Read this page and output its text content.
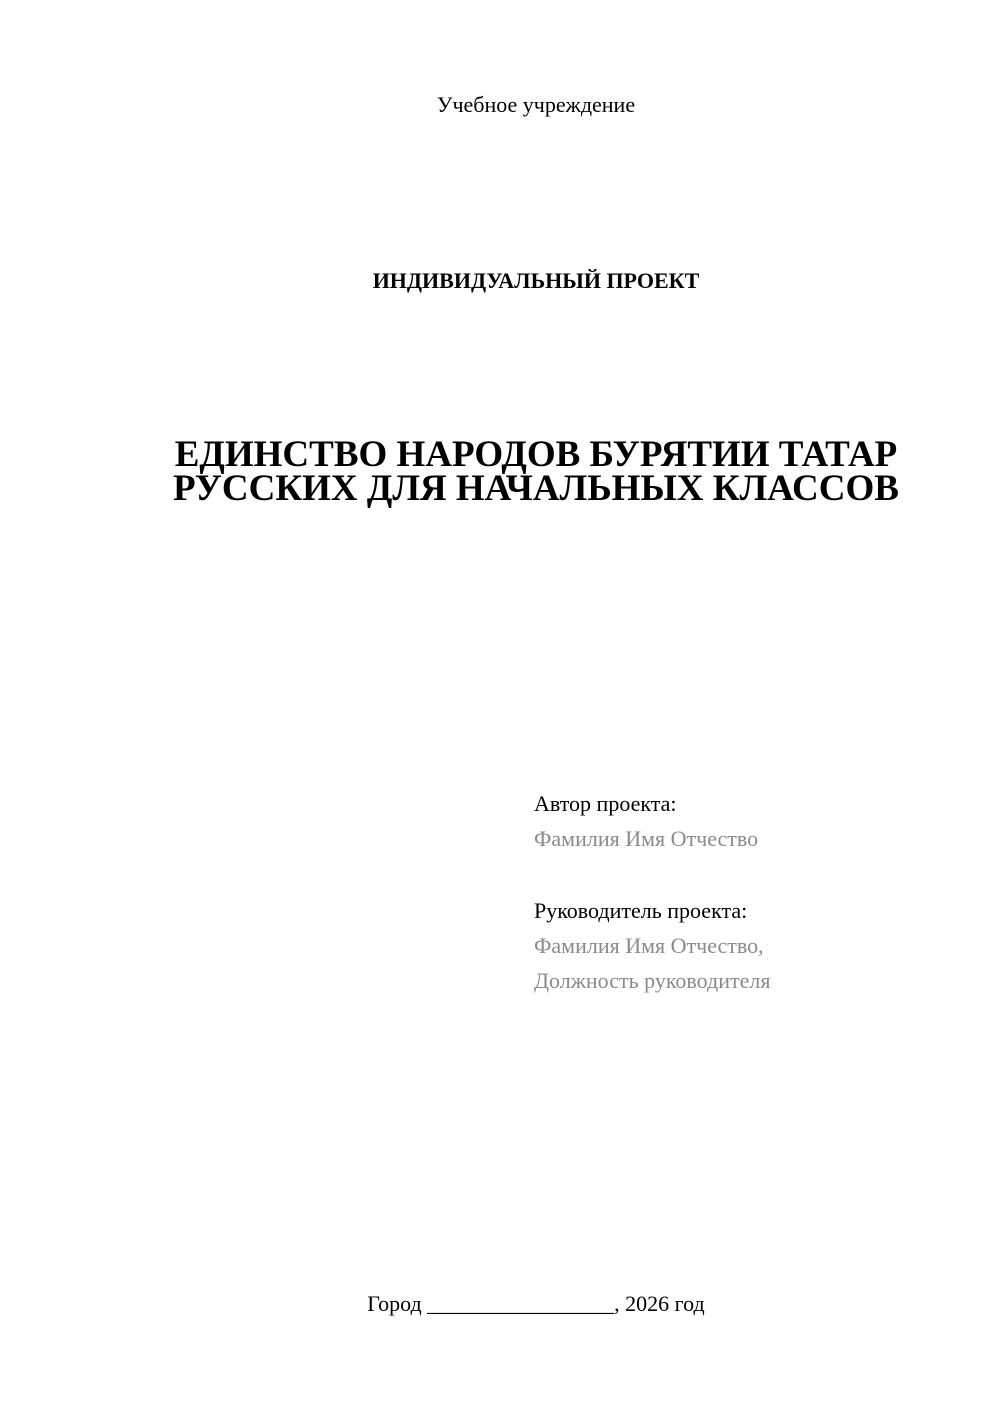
Учебное учреждение
ИНДИВИДУАЛЬНЫЙ ПРОЕКТ
ЕДИНСТВО НАРОДОВ БУРЯТИИ ТАТАР
РУССКИХ ДЛЯ НАЧАЛЬНЫХ КЛАССОВ
Автор проекта:
Фамилия Имя Отчество
Руководитель проекта:
Фамилия Имя Отчество,
Должность руководителя
Город _________________, 2026 год
